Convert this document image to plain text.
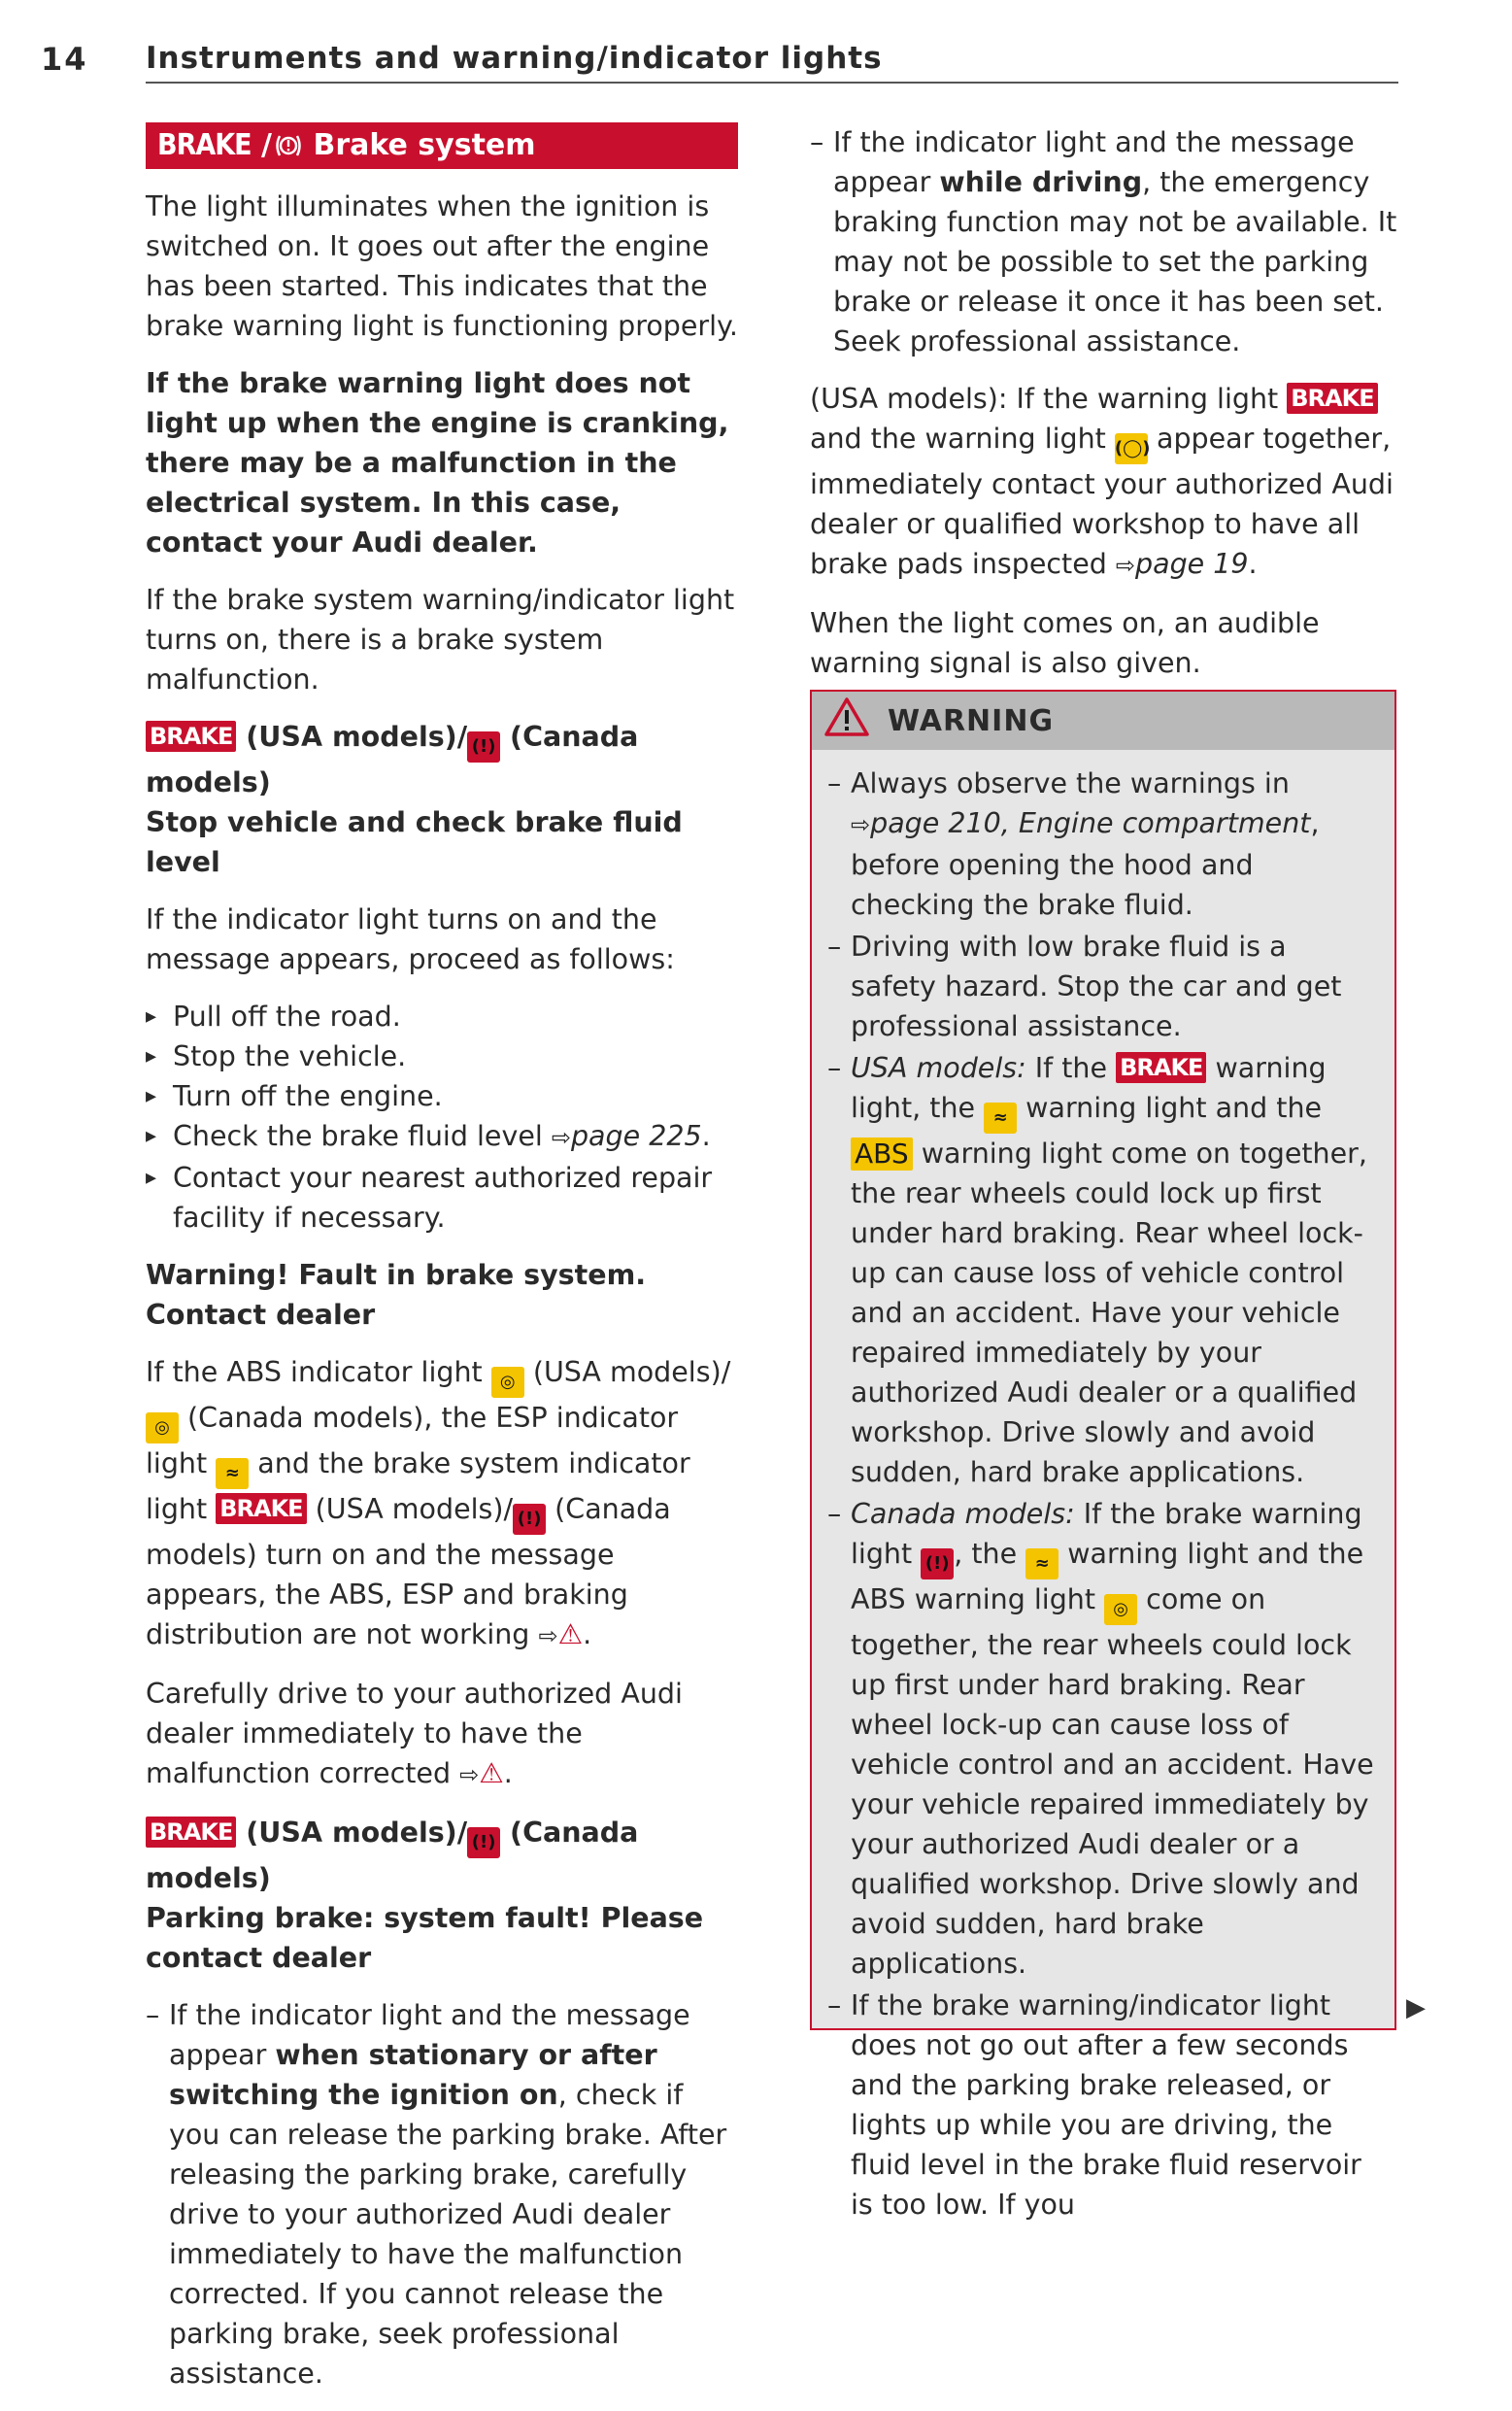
14 Instruments and warning/indicator lights
BRAKE / Brake system

The light illuminates when the ignition is switched on. It goes out after the engine has been started. This indicates that the brake warning light is functioning properly.

If the brake warning light does not light up when the engine is cranking, there may be a malfunction in the electrical system. In this case, contact your Audi dealer.

If the brake system warning/indicator light turns on, there is a brake system malfunction.

BRAKE (USA models)/ (!) (Canada models)
Stop vehicle and check brake fluid level

If the indicator light turns on and the message appears, proceed as follows:

▸ Pull off the road.
▸ Stop the vehicle.
▸ Turn off the engine.
▸ Check the brake fluid level ⇨page 225.
▸ Contact your nearest authorized repair facility if necessary.

Warning! Fault in brake system. Contact dealer

If the ABS indicator light ◎ (USA models)/◎ (Canada models), the ESP indicator light ≈ and the brake system indicator light BRAKE (USA models)/ (!) (Canada models) turn on and the message appears, the ABS, ESP and braking distribution are not working ⇨⚠.

Carefully drive to your authorized Audi dealer immediately to have the malfunction corrected ⇨⚠.

BRAKE (USA models)/ (!) (Canada models)
Parking brake: system fault! Please contact dealer

– If the indicator light and the message appear when stationary or after switching the ignition on, check if you can release the parking brake. After releasing the parking brake, carefully drive to your authorized Audi dealer immediately to have the malfunction corrected. If you cannot release the parking brake, seek professional assistance.
– If the indicator light and the message appear while driving, the emergency braking function may not be available. It may not be possible to set the parking brake or release it once it has been set. Seek professional assistance.

(USA models): If the warning light BRAKE and the warning light (◯) appear together, immediately contact your authorized Audi dealer or qualified workshop to have all brake pads inspected ⇨page 19.

When the light comes on, an audible warning signal is also given.

WARNING
– Always observe the warnings in ⇨page 210, Engine compartment, before opening the hood and checking the brake fluid.
– Driving with low brake fluid is a safety hazard. Stop the car and get professional assistance.
– USA models: If the BRAKE warning light, the ≈ warning light and the ABS warning light come on together, the rear wheels could lock up first under hard braking. Rear wheel lock-up can cause loss of vehicle control and an accident. Have your vehicle repaired immediately by your authorized Audi dealer or a qualified workshop. Drive slowly and avoid sudden, hard brake applications.
– Canada models: If the brake warning light (!) , the ≈ warning light and the ABS warning light ◎ come on together, the rear wheels could lock up first under hard braking. Rear wheel lock-up can cause loss of vehicle control and an accident. Have your vehicle repaired immediately by your authorized Audi dealer or a qualified workshop. Drive slowly and avoid sudden, hard brake applications.
– If the brake warning/indicator light does not go out after a few seconds and the parking brake released, or lights up while you are driving, the fluid level in the brake fluid reservoir is too low. If you
▶
